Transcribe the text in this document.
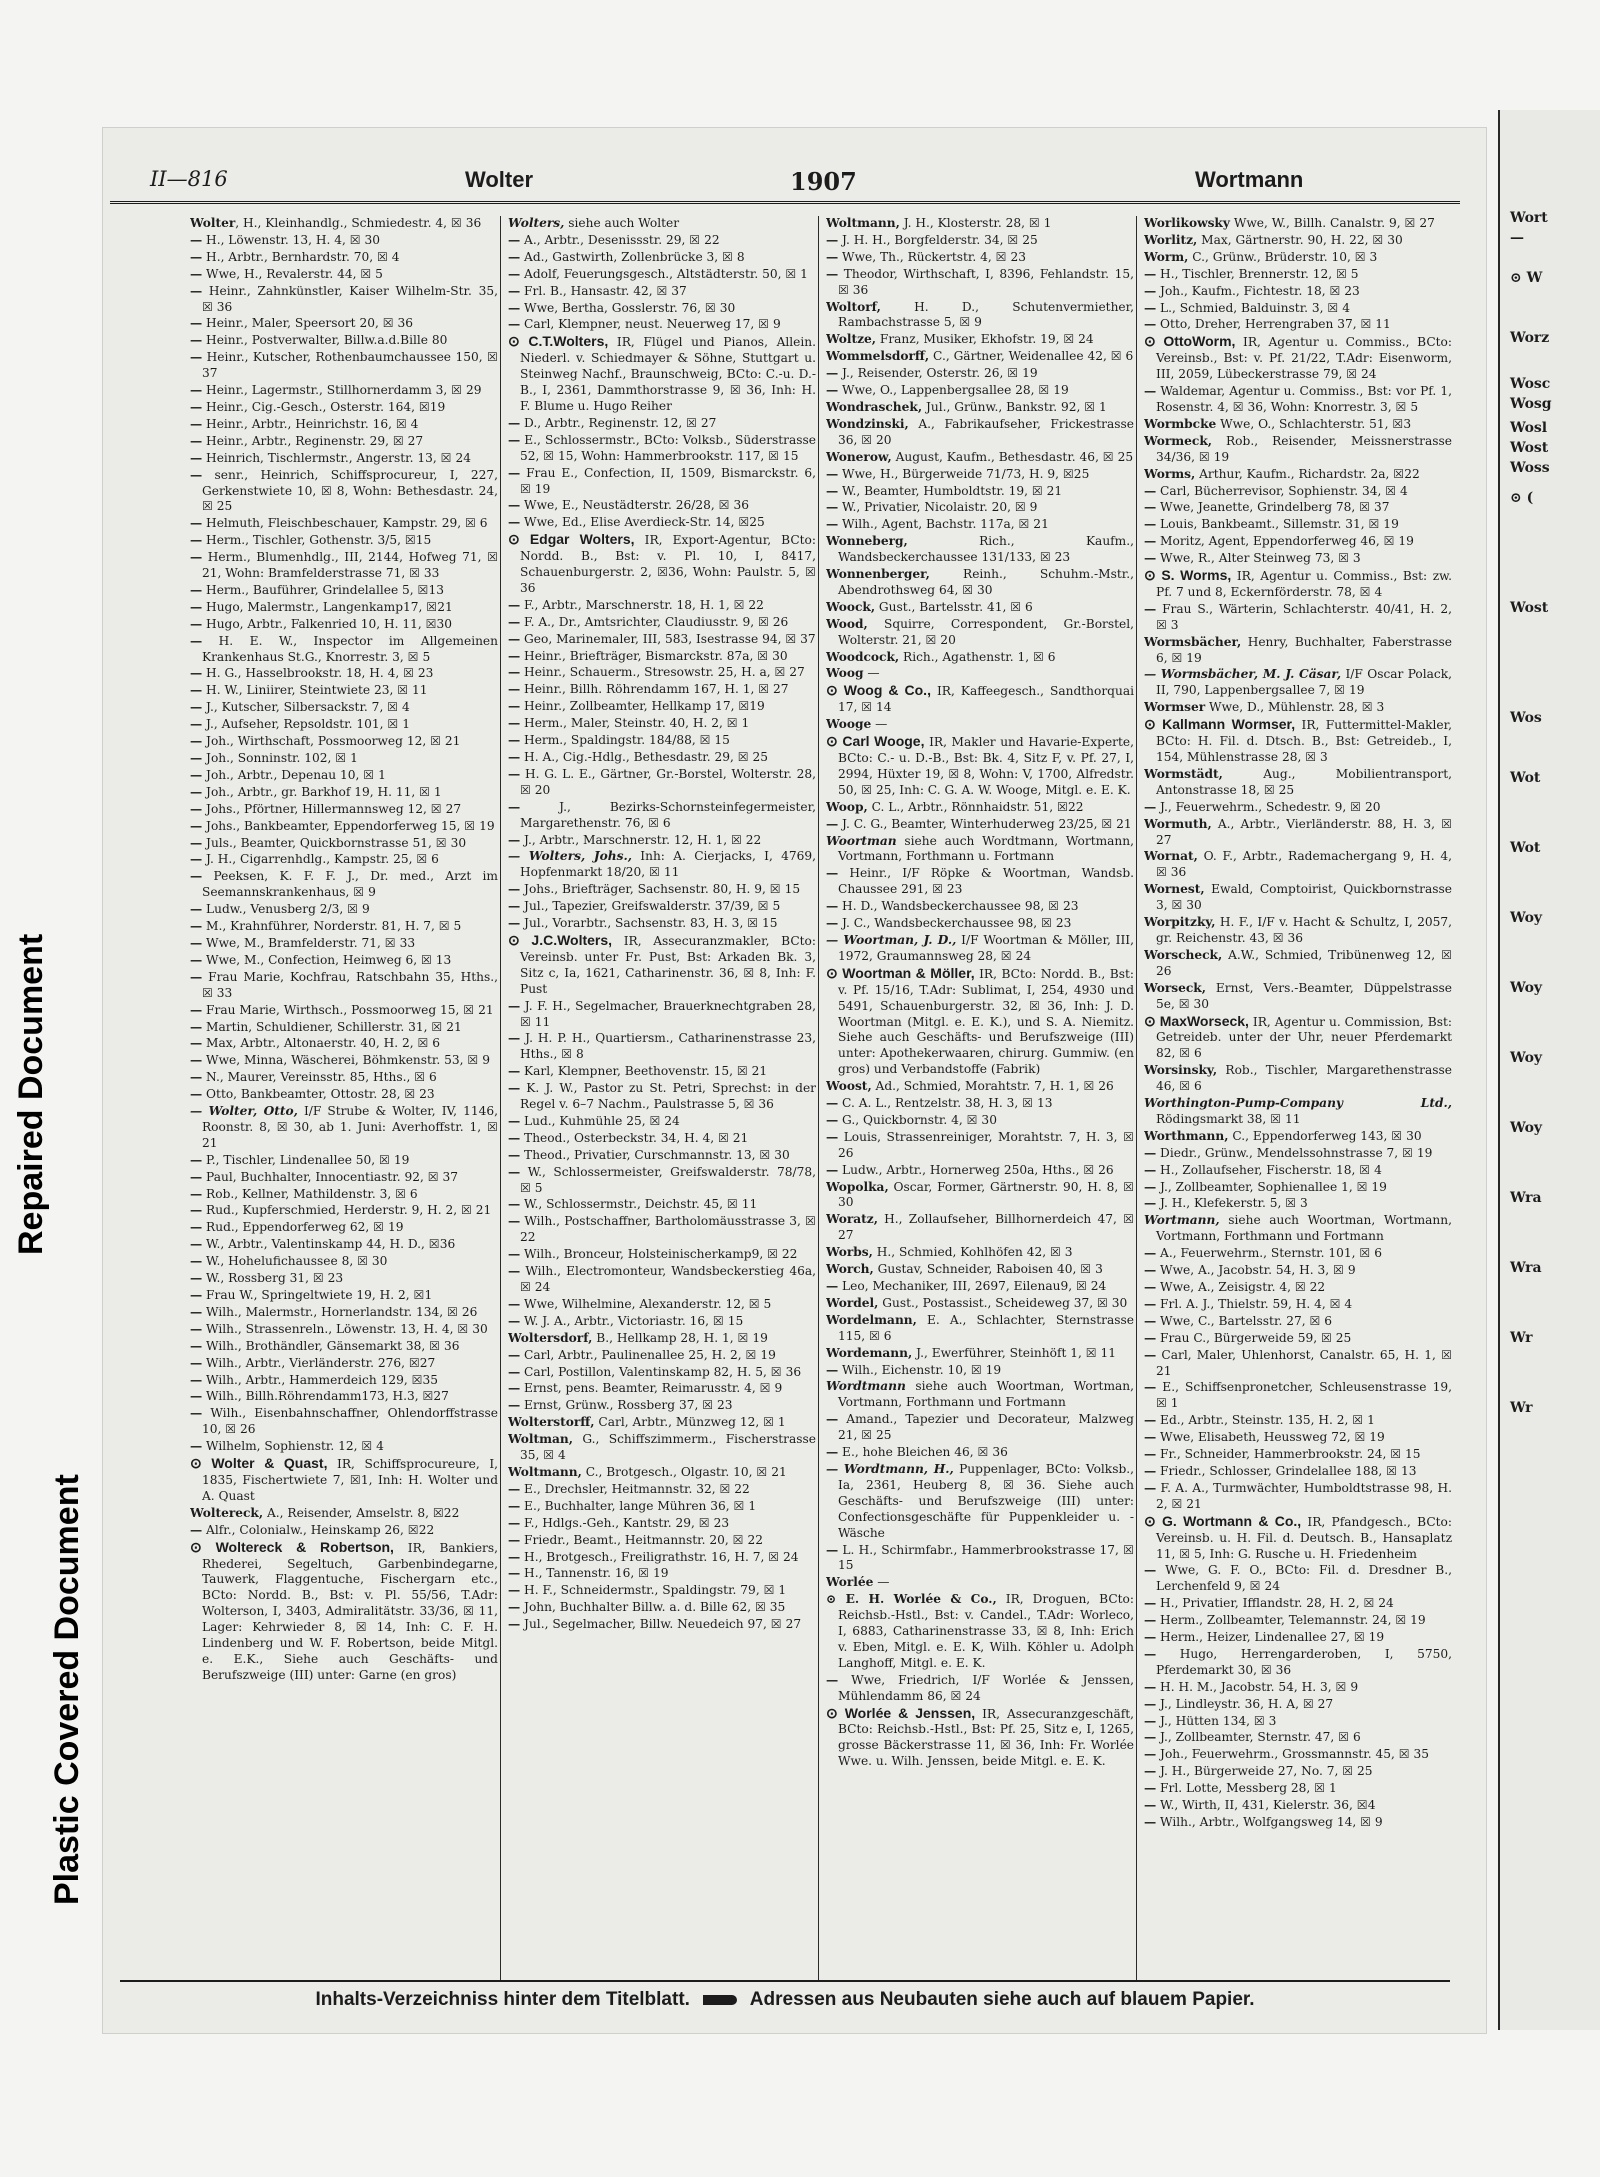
Repaired Document
Plastic Covered Document
Wort
—
⊙ W
Worz
Wosc
Wosg
Wosl
Wost
Woss
⊙ (
Wost
Wos
Wot
Wot
Woy
Woy
Woy
Woy
Wra
Wra
Wr
Wr
II—816	Wolter	1907	Wortmann
Wolter, H., Kleinhandlg., Schmiedestr. 4, ☒ 36
— H., Löwenstr. 13, H. 4, ☒ 30
— H., Arbtr., Bernhardstr. 70, ☒ 4
— Wwe, H., Revalerstr. 44, ☒ 5
— Heinr., Zahnkünstler, Kaiser Wilhelm-Str. 35, ☒ 36
— Heinr., Maler, Speersort 20, ☒ 36
— Heinr., Postverwalter, Billw.a.d.Bille 80
— Heinr., Kutscher, Rothenbaumchaussee 150, ☒ 37
— Heinr., Lagermstr., Stillhornerdamm 3, ☒ 29
— Heinr., Cig.-Gesch., Osterstr. 164, ☒19
— Heinr., Arbtr., Heinrichstr. 16, ☒ 4
— Heinr., Arbtr., Reginenstr. 29, ☒ 27
— Heinrich, Tischlermstr., Angerstr. 13, ☒ 24
— senr., Heinrich, Schiffsprocureur, I, 227, Gerkenstwiete 10, ☒ 8, Wohn: Bethesdastr. 24, ☒ 25
— Helmuth, Fleischbeschauer, Kampstr. 29, ☒ 6
— Herm., Tischler, Gothenstr. 3/5, ☒15
— Herm., Blumenhdlg., III, 2144, Hofweg 71, ☒ 21, Wohn: Bramfelderstrasse 71, ☒ 33
— Herm., Bauführer, Grindelallee 5, ☒13
— Hugo, Malermstr., Langenkamp17, ☒21
— Hugo, Arbtr., Falkenried 10, H. 11, ☒30
— H. E. W., Inspector im Allgemeinen Krankenhaus St.G., Knorrestr. 3, ☒ 5
— H. G., Hasselbrookstr. 18, H. 4, ☒ 23
— H. W., Liniirer, Steintwiete 23, ☒ 11
— J., Kutscher, Silbersackstr. 7, ☒ 4
— J., Aufseher, Repsoldstr. 101, ☒ 1
— Joh., Wirthschaft, Possmoorweg 12, ☒ 21
— Joh., Sonninstr. 102, ☒ 1
— Joh., Arbtr., Depenau 10, ☒ 1
— Joh., Arbtr., gr. Barkhof 19, H. 11, ☒ 1
— Johs., Pförtner, Hillermannsweg 12, ☒ 27
— Johs., Bankbeamter, Eppendorferweg 15, ☒ 19
— Juls., Beamter, Quickbornstrasse 51, ☒ 30
— J. H., Cigarrenhdlg., Kampstr. 25, ☒ 6
— Peeksen, K. F. F. J., Dr. med., Arzt im Seemannskrankenhaus, ☒ 9
— Ludw., Venusberg 2/3, ☒ 9
— M., Krahnführer, Norderstr. 81, H. 7, ☒ 5
— Wwe, M., Bramfelderstr. 71, ☒ 33
— Wwe, M., Confection, Heimweg 6, ☒ 13
— Frau Marie, Kochfrau, Ratschbahn 35, Hths., ☒ 33
— Frau Marie, Wirthsch., Possmoorweg 15, ☒ 21
— Martin, Schuldiener, Schillerstr. 31, ☒ 21
— Max, Arbtr., Altonaerstr. 40, H. 2, ☒ 6
— Wwe, Minna, Wäscherei, Böhmkenstr. 53, ☒ 9
— N., Maurer, Vereinsstr. 85, Hths., ☒ 6
— Otto, Bankbeamter, Ottostr. 28, ☒ 23
— Wolter, Otto, I/F Strube & Wolter, IV, 1146, Roonstr. 8, ☒ 30, ab 1. Juni: Averhoffstr. 1, ☒ 21
— P., Tischler, Lindenallee 50, ☒ 19
— Paul, Buchhalter, Innocentiastr. 92, ☒ 37
— Rob., Kellner, Mathildenstr. 3, ☒ 6
— Rud., Kupferschmied, Herderstr. 9, H. 2, ☒ 21
— Rud., Eppendorferweg 62, ☒ 19
— W., Arbtr., Valentinskamp 44, H. D., ☒36
— W., Hohelufichaussee 8, ☒ 30
— W., Rossberg 31, ☒ 23
— Frau W., Springeltwiete 19, H. 2, ☒1
— Wilh., Malermstr., Hornerlandstr. 134, ☒ 26
— Wilh., Strassenreln., Löwenstr. 13, H. 4, ☒ 30
— Wilh., Brothändler, Gänsemarkt 38, ☒ 36
— Wilh., Arbtr., Vierländerstr. 276, ☒27
— Wilh., Arbtr., Hammerdeich 129, ☒35
— Wilh., Billh.Röhrendamm173, H.3, ☒27
— Wilh., Eisenbahnschaffner, Ohlendorffstrasse 10, ☒ 26
— Wilhelm, Sophienstr. 12, ☒ 4
⊙ Wolter & Quast, IR, Schiffsprocureure, I, 1835, Fischertwiete 7, ☒1, Inh: H. Wolter und A. Quast
Woltereck, A., Reisender, Amselstr. 8, ☒22
— Alfr., Colonialw., Heinskamp 26, ☒22
⊙ Woltereck & Robertson, IR, Bankiers, Rhederei, Segeltuch, Garbenbindegarne, Tauwerk, Flaggentuche, Fischergarn etc., BCto: Nordd. B., Bst: v. Pl. 55/56, T.Adr: Wolterson, I, 3403, Admiralitätstr. 33/36, ☒ 11, Lager: Kehrwieder 8, ☒ 14, Inh: C. F. H. Lindenberg und W. F. Robertson, beide Mitgl. e. E.K., Siehe auch Geschäfts- und Berufszweige (III) unter: Garne (en gros)
Wolters, siehe auch Wolter
— A., Arbtr., Desenissstr. 29, ☒ 22
— Ad., Gastwirth, Zollenbrücke 3, ☒ 8
— Adolf, Feuerungsgesch., Altstädterstr. 50, ☒ 1
— Frl. B., Hansastr. 42, ☒ 37
— Wwe, Bertha, Gosslerstr. 76, ☒ 30
— Carl, Klempner, neust. Neuerweg 17, ☒ 9
⊙ C.T.Wolters, IR, Flügel und Pianos, Allein. Niederl. v. Schiedmayer & Söhne, Stuttgart u. Steinweg Nachf., Braunschweig, BCto: C.-u. D.-B., I, 2361, Dammthorstrasse 9, ☒ 36, Inh: H. F. Blume u. Hugo Reiher
— D., Arbtr., Reginenstr. 12, ☒ 27
— E., Schlossermstr., BCto: Volksb., Süderstrasse 52, ☒ 15, Wohn: Hammerbrookstr. 117, ☒ 15
— Frau E., Confection, II, 1509, Bismarckstr. 6, ☒ 19
— Wwe, E., Neustädterstr. 26/28, ☒ 36
— Wwe, Ed., Elise Averdieck-Str. 14, ☒25
⊙ Edgar Wolters, IR, Export-Agentur, BCto: Nordd. B., Bst: v. Pl. 10, I, 8417, Schauenburgerstr. 2, ☒36, Wohn: Paulstr. 5, ☒ 36
— F., Arbtr., Marschnerstr. 18, H. 1, ☒ 22
— F. A., Dr., Amtsrichter, Claudiusstr. 9, ☒ 26
— Geo, Marinemaler, III, 583, Isestrasse 94, ☒ 37
— Heinr., Briefträger, Bismarckstr. 87a, ☒ 30
— Heinr., Schauerm., Stresowstr. 25, H. a, ☒ 27
— Heinr., Billh. Röhrendamm 167, H. 1, ☒ 27
— Heinr., Zollbeamter, Hellkamp 17, ☒19
— Herm., Maler, Steinstr. 40, H. 2, ☒ 1
— Herm., Spaldingstr. 184/88, ☒ 15
— H. A., Cig.-Hdlg., Bethesdastr. 29, ☒ 25
— H. G. L. E., Gärtner, Gr.-Borstel, Wolterstr. 28, ☒ 20
— J., Bezirks-Schornsteinfegermeister, Margarethenstr. 76, ☒ 6
— J., Arbtr., Marschnerstr. 12, H. 1, ☒ 22
— Wolters, Johs., Inh: A. Cierjacks, I, 4769, Hopfenmarkt 18/20, ☒ 11
— Johs., Briefträger, Sachsenstr. 80, H. 9, ☒ 15
— Jul., Tapezier, Greifswalderstr. 37/39, ☒ 5
— Jul., Vorarbtr., Sachsenstr. 83, H. 3, ☒ 15
⊙ J.C.Wolters, IR, Assecuranzmakler, BCto: Vereinsb. unter Fr. Pust, Bst: Arkaden Bk. 3, Sitz c, Ia, 1621, Catharinenstr. 36, ☒ 8, Inh: F. Pust
— J. F. H., Segelmacher, Brauerknechtgraben 28, ☒ 11
— J. H. P. H., Quartiersm., Catharinenstrasse 23, Hths., ☒ 8
— Karl, Klempner, Beethovenstr. 15, ☒ 21
— K. J. W., Pastor zu St. Petri, Sprechst: in der Regel v. 6–7 Nachm., Paulstrasse 5, ☒ 36
— Lud., Kuhmühle 25, ☒ 24
— Theod., Osterbeckstr. 34, H. 4, ☒ 21
— Theod., Privatier, Curschmannstr. 13, ☒ 30
— W., Schlossermeister, Greifswalderstr. 78/78, ☒ 5
— W., Schlossermstr., Deichstr. 45, ☒ 11
— Wilh., Postschaffner, Bartholomäusstrasse 3, ☒ 22
— Wilh., Bronceur, Holsteinischerkamp9, ☒ 22
— Wilh., Electromonteur, Wandsbeckerstieg 46a, ☒ 24
— Wwe, Wilhelmine, Alexanderstr. 12, ☒ 5
— W. J. A., Arbtr., Victoriastr. 16, ☒ 15
Woltersdorf, B., Hellkamp 28, H. 1, ☒ 19
— Carl, Arbtr., Paulinenallee 25, H. 2, ☒ 19
— Carl, Postillon, Valentinskamp 82, H. 5, ☒ 36
— Ernst, pens. Beamter, Reimarusstr. 4, ☒ 9
— Ernst, Grünw., Rossberg 37, ☒ 23
Wolterstorff, Carl, Arbtr., Münzweg 12, ☒ 1
Woltman, G., Schiffszimmerm., Fischerstrasse 35, ☒ 4
Woltmann, C., Brotgesch., Olgastr. 10, ☒ 21
— E., Drechsler, Heitmannstr. 32, ☒ 22
— E., Buchhalter, lange Mühren 36, ☒ 1
— F., Hdlgs.-Geh., Kantstr. 29, ☒ 23
— Friedr., Beamt., Heitmannstr. 20, ☒ 22
— H., Brotgesch., Freiligrathstr. 16, H. 7, ☒ 24
— H., Tannenstr. 16, ☒ 19
— H. F., Schneidermstr., Spaldingstr. 79, ☒ 1
— John, Buchhalter Billw. a. d. Bille 62, ☒ 35
— Jul., Segelmacher, Billw. Neuedeich 97, ☒ 27
Woltmann, J. H., Klosterstr. 28, ☒ 1
— J. H. H., Borgfelderstr. 34, ☒ 25
— Wwe, Th., Rückertstr. 4, ☒ 23
— Theodor, Wirthschaft, I, 8396, Fehlandstr. 15, ☒ 36
Woltorf, H. D., Schutenvermiether, Rambachstrasse 5, ☒ 9
Woltze, Franz, Musiker, Ekhofstr. 19, ☒ 24
Wommelsdorff, C., Gärtner, Weidenallee 42, ☒ 6
— J., Reisender, Osterstr. 26, ☒ 19
— Wwe, O., Lappenbergsallee 28, ☒ 19
Wondraschek, Jul., Grünw., Bankstr. 92, ☒ 1
Wondzinski, A., Fabrikaufseher, Frickestrasse 36, ☒ 20
Wonerow, August, Kaufm., Bethesdastr. 46, ☒ 25
— Wwe, H., Bürgerweide 71/73, H. 9, ☒25
— W., Beamter, Humboldtstr. 19, ☒ 21
— W., Privatier, Nicolaistr. 20, ☒ 9
— Wilh., Agent, Bachstr. 117a, ☒ 21
Wonneberg, Rich., Kaufm., Wandsbeckerchaussee 131/133, ☒ 23
Wonnenberger, Reinh., Schuhm.-Mstr., Abendrothsweg 64, ☒ 30
Woock, Gust., Bartelsstr. 41, ☒ 6
Wood, Squirre, Correspondent, Gr.-Borstel, Wolterstr. 21, ☒ 20
Woodcock, Rich., Agathenstr. 1, ☒ 6
Woog —
⊙ Woog & Co., IR, Kaffeegesch., Sandthorquai 17, ☒ 14
Wooge —
⊙ Carl Wooge, IR, Makler und Havarie-Experte, BCto: C.- u. D.-B., Bst: Bk. 4, Sitz F, v. Pf. 27, I, 2994, Hüxter 19, ☒ 8, Wohn: V, 1700, Alfredstr. 50, ☒ 25, Inh: C. G. A. W. Wooge, Mitgl. e. E. K.
Woop, C. L., Arbtr., Rönnhaidstr. 51, ☒22
— J. C. G., Beamter, Winterhuderweg 23/25, ☒ 21
Woortman siehe auch Wordtmann, Wortmann, Vortmann, Forthmann u. Fortmann
— Heinr., I/F Röpke & Woortman, Wandsb. Chaussee 291, ☒ 23
— H. D., Wandsbeckerchaussee 98, ☒ 23
— J. C., Wandsbeckerchaussee 98, ☒ 23
— Woortman, J. D., I/F Woortman & Möller, III, 1972, Graumannsweg 28, ☒ 24
⊙ Woortman & Möller, IR, BCto: Nordd. B., Bst: v. Pf. 15/16, T.Adr: Sublimat, I, 254, 4930 und 5491, Schauenburgerstr. 32, ☒ 36, Inh: J. D. Woortman (Mitgl. e. E. K.), und S. A. Niemitz. Siehe auch Geschäfts- und Berufszweige (III) unter: Apothekerwaaren, chirurg. Gummiw. (en gros) und Verbandstoffe (Fabrik)
Woost, Ad., Schmied, Morahtstr. 7, H. 1, ☒ 26
— C. A. L., Rentzelstr. 38, H. 3, ☒ 13
— G., Quickbornstr. 4, ☒ 30
— Louis, Strassenreiniger, Morahtstr. 7, H. 3, ☒ 26
— Ludw., Arbtr., Hornerweg 250a, Hths., ☒ 26
Wopolka, Oscar, Former, Gärtnerstr. 90, H. 8, ☒ 30
Woratz, H., Zollaufseher, Billhornerdeich 47, ☒ 27
Worbs, H., Schmied, Kohlhöfen 42, ☒ 3
Worch, Gustav, Schneider, Raboisen 40, ☒ 3
— Leo, Mechaniker, III, 2697, Eilenau9, ☒ 24
Wordel, Gust., Postassist., Scheideweg 37, ☒ 30
Wordelmann, E. A., Schlachter, Sternstrasse 115, ☒ 6
Wordemann, J., Ewerführer, Steinhöft 1, ☒ 11
— Wilh., Eichenstr. 10, ☒ 19
Wordtmann siehe auch Woortman, Wortman, Vortmann, Forthmann und Fortmann
— Amand., Tapezier und Decorateur, Malzweg 21, ☒ 25
— E., hohe Bleichen 46, ☒ 36
— Wordtmann, H., Puppenlager, BCto: Volksb., Ia, 2361, Heuberg 8, ☒ 36. Siehe auch Geschäfts- und Berufszweige (III) unter: Confectionsgeschäfte für Puppenkleider u. -Wäsche
— L. H., Schirmfabr., Hammerbrookstrasse 17, ☒ 15
Worlée —
⊙ E. H. Worlée & Co., IR, Droguen, BCto: Reichsb.-Hstl., Bst: v. Candel., T.Adr: Worleco, I, 6883, Catharinenstrasse 33, ☒ 8, Inh: Erich v. Eben, Mitgl. e. E. K, Wilh. Köhler u. Adolph Langhoff, Mitgl. e. E. K.
— Wwe, Friedrich, I/F Worlée & Jenssen, Mühlendamm 86, ☒ 24
⊙ Worlée & Jenssen, IR, Assecuranzgeschäft, BCto: Reichsb.-Hstl., Bst: Pf. 25, Sitz e, I, 1265, grosse Bäckerstrasse 11, ☒ 36, Inh: Fr. Worlée Wwe. u. Wilh. Jenssen, beide Mitgl. e. E. K.
Worlikowsky Wwe, W., Billh. Canalstr. 9, ☒ 27
Worlitz, Max, Gärtnerstr. 90, H. 22, ☒ 30
Worm, C., Grünw., Brüderstr. 10, ☒ 3
— H., Tischler, Brennerstr. 12, ☒ 5
— Joh., Kaufm., Fichtestr. 18, ☒ 23
— L., Schmied, Balduinstr. 3, ☒ 4
— Otto, Dreher, Herrengraben 37, ☒ 11
⊙ OttoWorm, IR, Agentur u. Commiss., BCto: Vereinsb., Bst: v. Pf. 21/22, T.Adr: Eisenworm, III, 2059, Lübeckerstrasse 79, ☒ 24
— Waldemar, Agentur u. Commiss., Bst: vor Pf. 1, Rosenstr. 4, ☒ 36, Wohn: Knorrestr. 3, ☒ 5
Wormbcke Wwe, O., Schlachterstr. 51, ☒3
Wormeck, Rob., Reisender, Meissnerstrasse 34/36, ☒ 19
Worms, Arthur, Kaufm., Richardstr. 2a, ☒22
— Carl, Bücherrevisor, Sophienstr. 34, ☒ 4
— Wwe, Jeanette, Grindelberg 78, ☒ 37
— Louis, Bankbeamt., Sillemstr. 31, ☒ 19
— Moritz, Agent, Eppendorferweg 46, ☒ 19
— Wwe, R., Alter Steinweg 73, ☒ 3
⊙ S. Worms, IR, Agentur u. Commiss., Bst: zw. Pf. 7 und 8, Eckernförderstr. 78, ☒ 4
— Frau S., Wärterin, Schlachterstr. 40/41, H. 2, ☒ 3
Wormsbächer, Henry, Buchhalter, Faberstrasse 6, ☒ 19
— Wormsbächer, M. J. Cäsar, I/F Oscar Polack, II, 790, Lappenbergsallee 7, ☒ 19
Wormser Wwe, D., Mühlenstr. 28, ☒ 3
⊙ Kallmann Wormser, IR, Futtermittel-Makler, BCto: H. Fil. d. Dtsch. B., Bst: Getreideb., I, 154, Mühlenstrasse 28, ☒ 3
Wormstädt, Aug., Mobilientransport, Antonstrasse 18, ☒ 25
— J., Feuerwehrm., Schedestr. 9, ☒ 20
Wormuth, A., Arbtr., Vierländerstr. 88, H. 3, ☒ 27
Wornat, O. F., Arbtr., Rademachergang 9, H. 4, ☒ 36
Wornest, Ewald, Comptoirist, Quickbornstrasse 3, ☒ 30
Worpitzky, H. F., I/F v. Hacht & Schultz, I, 2057, gr. Reichenstr. 43, ☒ 36
Worscheck, A.W., Schmied, Tribünenweg 12, ☒ 26
Worseck, Ernst, Vers.-Beamter, Düppelstrasse 5e, ☒ 30
⊙ MaxWorseck, IR, Agentur u. Commission, Bst: Getreideb. unter der Uhr, neuer Pferdemarkt 82, ☒ 6
Worsinsky, Rob., Tischler, Margarethenstrasse 46, ☒ 6
Worthington-Pump-Company Ltd., Rödingsmarkt 38, ☒ 11
Worthmann, C., Eppendorferweg 143, ☒ 30
— Diedr., Grünw., Mendelssohnstrasse 7, ☒ 19
— H., Zollaufseher, Fischerstr. 18, ☒ 4
— J., Zollbeamter, Sophienallee 1, ☒ 19
— J. H., Klefekerstr. 5, ☒ 3
Wortmann, siehe auch Woortman, Wortmann, Vortmann, Forthmann und Fortmann
— A., Feuerwehrm., Sternstr. 101, ☒ 6
— Wwe, A., Jacobstr. 54, H. 3, ☒ 9
— Wwe, A., Zeisigstr. 4, ☒ 22
— Frl. A. J., Thielstr. 59, H. 4, ☒ 4
— Wwe, C., Bartelsstr. 27, ☒ 6
— Frau C., Bürgerweide 59, ☒ 25
— Carl, Maler, Uhlenhorst, Canalstr. 65, H. 1, ☒ 21
— E., Schiffsenpronetcher, Schleusenstrasse 19, ☒ 1
— Ed., Arbtr., Steinstr. 135, H. 2, ☒ 1
— Wwe, Elisabeth, Heussweg 72, ☒ 19
— Fr., Schneider, Hammerbrookstr. 24, ☒ 15
— Friedr., Schlosser, Grindelallee 188, ☒ 13
— F. A. A., Turmwächter, Humboldtstrasse 98, H. 2, ☒ 21
⊙ G. Wortmann & Co., IR, Pfandgesch., BCto: Vereinsb. u. H. Fil. d. Deutsch. B., Hansaplatz 11, ☒ 5, Inh: G. Rusche u. H. Friedenheim
— Wwe, G. F. O., BCto: Fil. d. Dresdner B., Lerchenfeld 9, ☒ 24
— H., Privatier, Ifflandstr. 28, H. 2, ☒ 24
— Herm., Zollbeamter, Telemannstr. 24, ☒ 19
— Herm., Heizer, Lindenallee 27, ☒ 19
— Hugo, Herrengarderoben, I, 5750, Pferdemarkt 30, ☒ 36
— H. H. M., Jacobstr. 54, H. 3, ☒ 9
— J., Lindleystr. 36, H. A, ☒ 27
— J., Hütten 134, ☒ 3
— J., Zollbeamter, Sternstr. 47, ☒ 6
— Joh., Feuerwehrm., Grossmannstr. 45, ☒ 35
— J. H., Bürgerweide 27, No. 7, ☒ 25
— Frl. Lotte, Messberg 28, ☒ 1
— W., Wirth, II, 431, Kielerstr. 36, ☒4
— Wilh., Arbtr., Wolfgangsweg 14, ☒ 9
Inhalts-Verzeichniss hinter dem Titelblatt.	Adressen aus Neubauten siehe auch auf blauem Papier.
